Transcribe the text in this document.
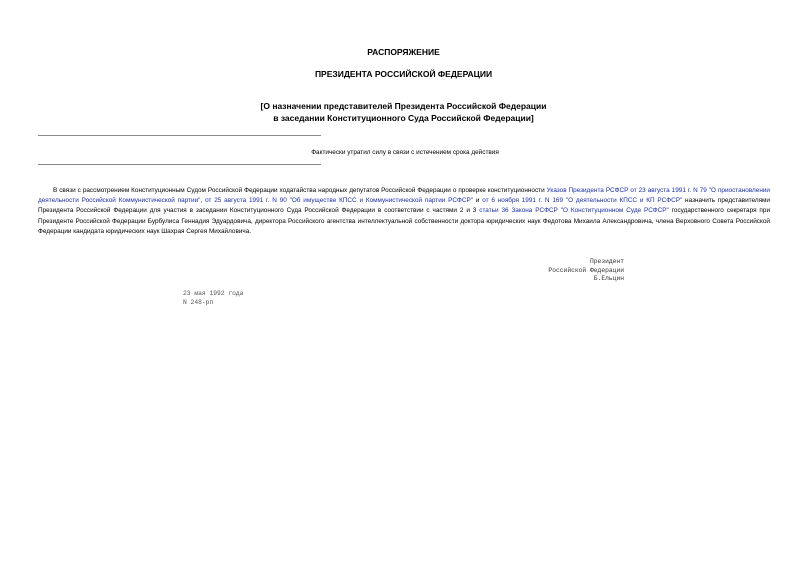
РАСПОРЯЖЕНИЕ
ПРЕЗИДЕНТА РОССИЙСКОЙ ФЕДЕРАЦИИ
[О назначении представителей Президента Российской Федерации
в заседании Конституционного Суда Российской Федерации]
Фактически утратил силу в связи с истечением срока действия
В связи с рассмотрением Конституционным Судом Российской Федерации ходатайства народных депутатов Российской Федерации о проверке конституционности Указов Президента РСФСР от 23 августа 1991 г. N 79 "О приостановлении деятельности Российской Коммунистической партии", от 25 августа 1991 г. N 90 "Об имуществе КПСС и Коммунистической партии РСФСР" и от 6 ноября 1991 г. N 169 "О деятельности КПСС и КП РСФСР" назначить представителями Президента Российской Федерации для участия в заседании Конституционного Суда Российской Федерации в соответствии с частями 2 и 3 статьи 36 Закона РСФСР "О Конституционном Суде РСФСР" государственного секретаря при Президенте Российской Федерации Бурбулиса Геннадия Эдуардовича, директора Российского агентства интеллектуальной собственности доктора юридических наук Федотова Михаила Александровича, члена Верховного Совета Российской Федерации кандидата юридических наук Шахрая Сергея Михайловича.
Президент
Российской Федерации
Б.Ельцин
23 мая 1992 года
N 248-рп
